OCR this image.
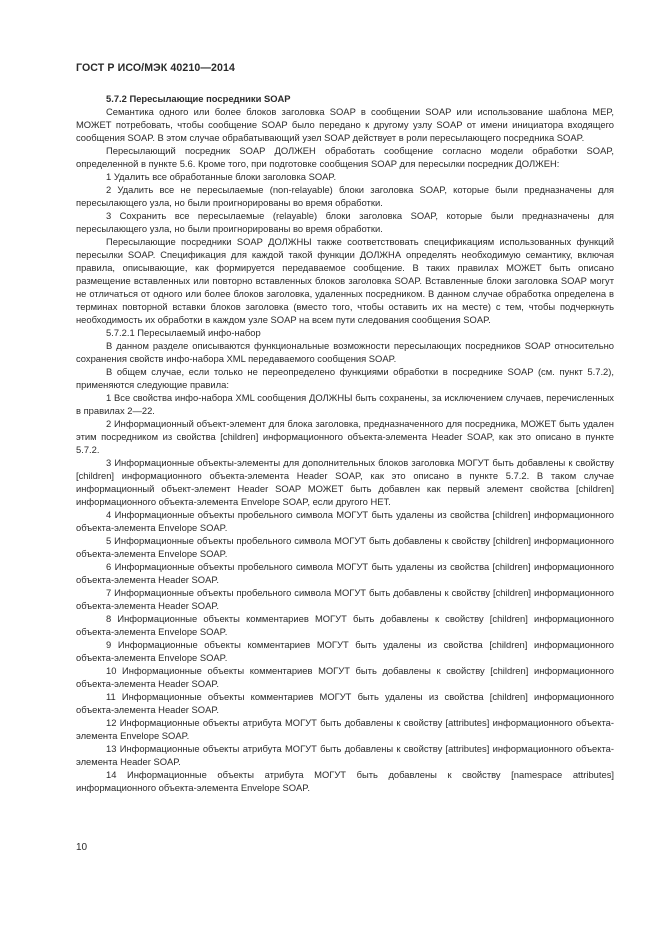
ГОСТ Р ИСО/МЭК 40210—2014

5.7.2 Пересылающие посредники SOAP

Семантика одного или более блоков заголовка SOAP в сообщении SOAP или использование шаблона MEP, МОЖЕТ потребовать, чтобы сообщение SOAP было передано к другому узлу SOAP от имени инициатора входящего сообщения SOAP. В этом случае обрабатывающий узел SOAP действует в роли пересылающего посредника SOAP.

Пересылающий посредник SOAP ДОЛЖЕН обработать сообщение согласно модели обработки SOAP, определенной в пункте 5.6. Кроме того, при подготовке сообщения SOAP для пересылки посредник ДОЛЖЕН:

1 Удалить все обработанные блоки заголовка SOAP.

2 Удалить все не пересылаемые (non-relayable) блоки заголовка SOAP, которые были предназначены для пересылающего узла, но были проигнорированы во время обработки.

3 Сохранить все пересылаемые (relayable) блоки заголовка SOAP, которые были предназначены для пересылающего узла, но были проигнорированы во время обработки.

Пересылающие посредники SOAP ДОЛЖНЫ также соответствовать спецификациям использованных функций пересылки SOAP. Спецификация для каждой такой функции ДОЛЖНА определять необходимую семантику, включая правила, описывающие, как формируется передаваемое сообщение. В таких правилах МОЖЕТ быть описано размещение вставленных или повторно вставленных блоков заголовка SOAP. Вставленные блоки заголовка SOAP могут не отличаться от одного или более блоков заголовка, удаленных посредником. В данном случае обработка определена в терминах повторной вставки блоков заголовка (вместо того, чтобы оставить их на месте) с тем, чтобы подчеркнуть необходимость их обработки в каждом узле SOAP на всем пути следования сообщения SOAP.

5.7.2.1 Пересылаемый инфо-набор

В данном разделе описываются функциональные возможности пересылающих посредников SOAP относительно сохранения свойств инфо-набора XML передаваемого сообщения SOAP.

В общем случае, если только не переопределено функциями обработки в посреднике SOAP (см. пункт 5.7.2), применяются следующие правила:

1 Все свойства инфо-набора XML сообщения ДОЛЖНЫ быть сохранены, за исключением случаев, перечисленных в правилах 2—22.

2 Информационный объект-элемент для блока заголовка, предназначенного для посредника, МОЖЕТ быть удален этим посредником из свойства [children] информационного объекта-элемента Header SOAP, как это описано в пункте 5.7.2.

3 Информационные объекты-элементы для дополнительных блоков заголовка МОГУТ быть добавлены к свойству [children] информационного объекта-элемента Header SOAP, как это описано в пункте 5.7.2. В таком случае информационный объект-элемент Header SOAP МОЖЕТ быть добавлен как первый элемент свойства [children] информационного объекта-элемента Envelope SOAP, если другого НЕТ.

4 Информационные объекты пробельного символа МОГУТ быть удалены из свойства [children] информационного объекта-элемента Envelope SOAP.

5 Информационные объекты пробельного символа МОГУТ быть добавлены к свойству [children] информационного объекта-элемента Envelope SOAP.

6 Информационные объекты пробельного символа МОГУТ быть удалены из свойства [children] информационного объекта-элемента Header SOAP.

7 Информационные объекты пробельного символа МОГУТ быть добавлены к свойству [children] информационного объекта-элемента Header SOAP.

8 Информационные объекты комментариев МОГУТ быть добавлены к свойству [children] информационного объекта-элемента Envelope SOAP.

9 Информационные объекты комментариев МОГУТ быть удалены из свойства [children] информационного объекта-элемента Envelope SOAP.

10 Информационные объекты комментариев МОГУТ быть добавлены к свойству [children] информационного объекта-элемента Header SOAP.

11 Информационные объекты комментариев МОГУТ быть удалены из свойства [children] информационного объекта-элемента Header SOAP.

12 Информационные объекты атрибута МОГУТ быть добавлены к свойству [attributes] информационного объекта-элемента Envelope SOAP.

13 Информационные объекты атрибута МОГУТ быть добавлены к свойству [attributes] информационного объекта-элемента Header SOAP.

14 Информационные объекты атрибута МОГУТ быть добавлены к свойству [namespace attributes] информационного объекта-элемента Envelope SOAP.

10
